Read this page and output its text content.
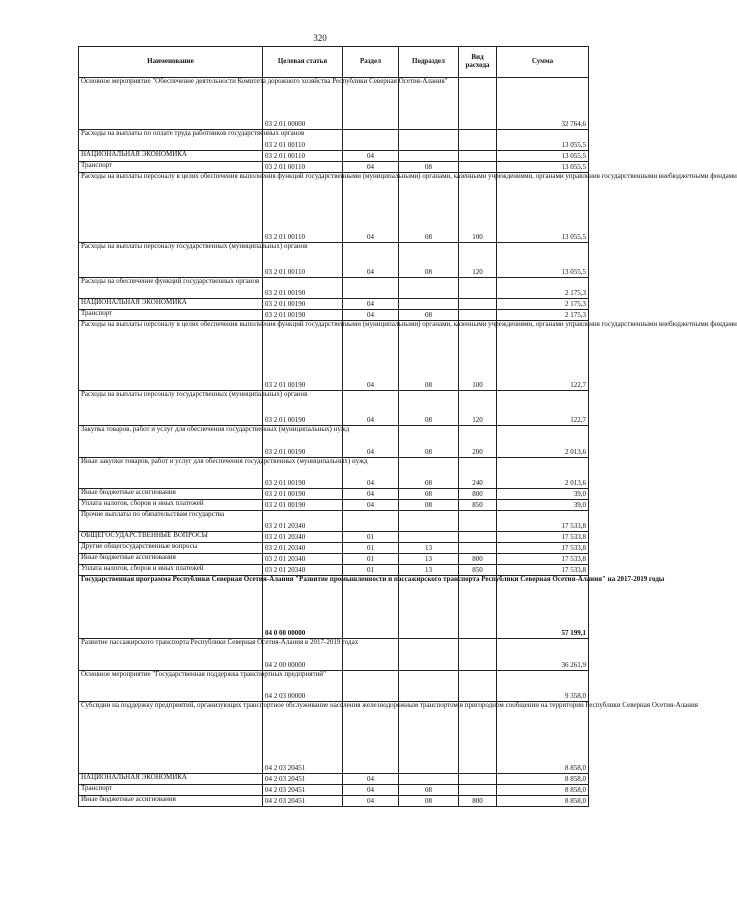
320
Наименование	Целевая статья	Раздел	Подраздел	Вид расхода	Сумма
Основное мероприятие "Обеспечение деятельности Комитета дорожного хозяйства Республики Северная Осетия-Алания"	03 2 01 00000				32 764,6
Расходы на выплаты по оплате труда работников государственных органов	03 2 01 00110				13 055,5
НАЦИОНАЛЬНАЯ ЭКОНОМИКА	03 2 01 00110	04			13 055,5
Транспорт	03 2 01 00110	04	08		13 055,5
Расходы на выплаты персоналу в целях обеспечения выполнения функций государственными (муниципальными) органами, казенными учреждениями, органами управления государственными внебюджетными фондами	03 2 01 00110	04	08	100	13 055,5
Расходы на выплаты персоналу государственных (муниципальных) органов	03 2 01 00110	04	08	120	13 055,5
Расходы на обеспечение функций государственных органов	03 2 01 00190				2 175,3
НАЦИОНАЛЬНАЯ ЭКОНОМИКА	03 2 01 00190	04			2 175,3
Транспорт	03 2 01 00190	04	08		2 175,3
Расходы на выплаты персоналу в целях обеспечения выполнения функций государственными (муниципальными) органами, казенными учреждениями, органами управления государственными внебюджетными фондами	03 2 01 00190	04	08	100	122,7
Расходы на выплаты персоналу государственных (муниципальных) органов	03 2 01 00190	04	08	120	122,7
Закупка товаров, работ и услуг для обеспечения государственных (муниципальных) нужд	03 2 01 00190	04	08	200	2 013,6
Иные закупки товаров, работ и услуг для обеспечения государственных (муниципальных) нужд	03 2 01 00190	04	08	240	2 013,6
Иные бюджетные ассигнования	03 2 01 00190	04	08	800	39,0
Уплата налогов, сборов и иных платежей	03 2 01 00190	04	08	850	39,0
Прочие выплаты по обязательствам государства	03 2 01 20340				17 533,8
ОБЩЕГОСУДАРСТВЕННЫЕ ВОПРОСЫ	03 2 01 20340	01			17 533,8
Другие общегосударственные вопросы	03 2 01 20340	01	13		17 533,8
Иные бюджетные ассигнования	03 2 01 20340	01	13	800	17 533,8
Уплата налогов, сборов и иных платежей	03 2 01 20340	01	13	850	17 533,8
Государственная программа Республики Северная Осетия-Алания "Развитие промышленности и пассажирского транспорта Республики Северная Осетия-Алания" на 2017-2019 годы	04 0 00 00000				57 199,1
Развитие пассажирского транспорта Республики Северная Осетия-Алания в 2017-2019 годах	04 2 00 00000				36 261,9
Основное мероприятие "Государственная поддержка транспортных предприятий"	04 2 03 00000				9 358,0
Субсидии на поддержку предприятий, организующих транспортное обслуживание населения железнодорожным транспортом в пригородном сообщении на территории Республики Северная Осетия-Алания	04 2 03 20451				8 858,0
НАЦИОНАЛЬНАЯ ЭКОНОМИКА	04 2 03 20451	04			8 858,0
Транспорт	04 2 03 20451	04	08		8 858,0
Иные бюджетные ассигнования	04 2 03 20451	04	08	800	8 858,0
